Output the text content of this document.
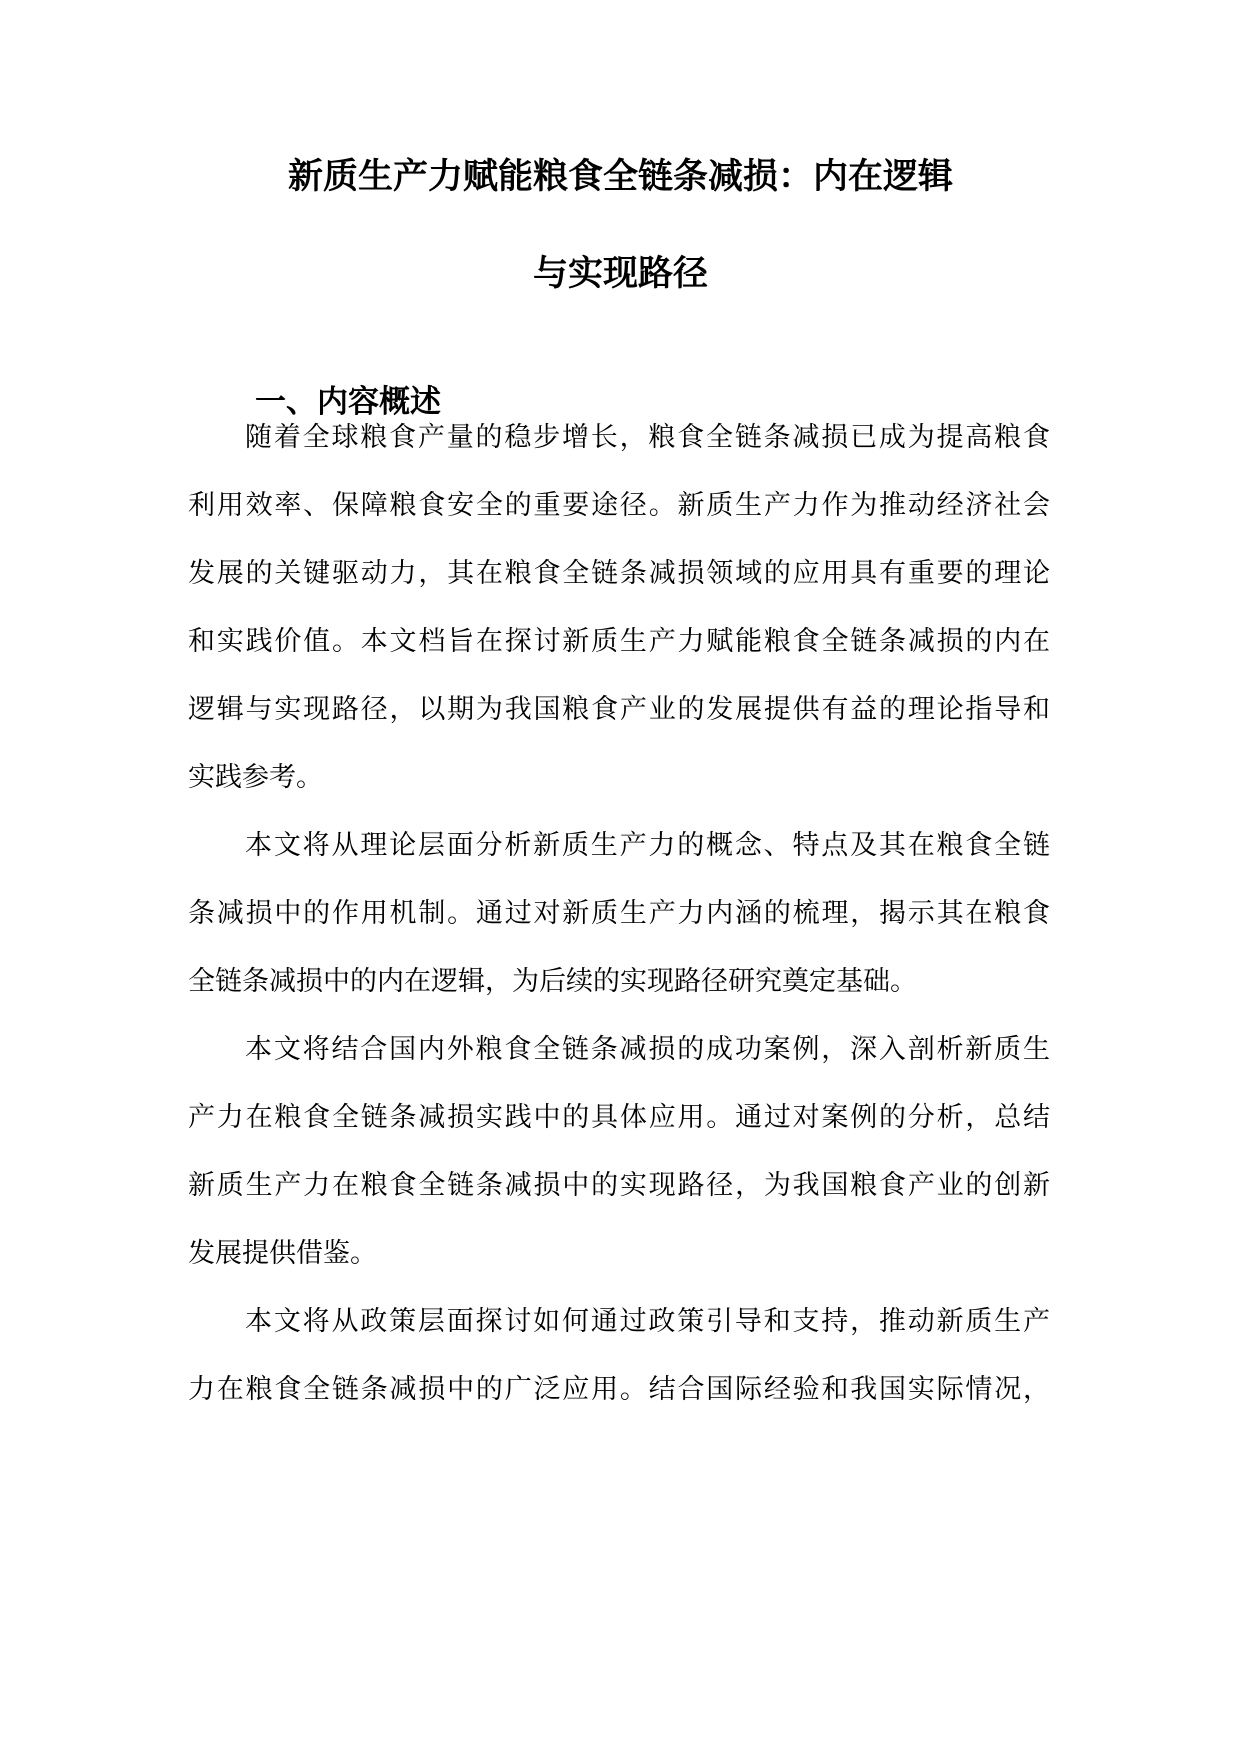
新质生产力赋能粮食全链条减损：内在逻辑
与实现路径
一、内容概述
随着全球粮食产量的稳步增长，粮食全链条减损已成为提高粮食
利用效率、保障粮食安全的重要途径。新质生产力作为推动经济社会
发展的关键驱动力，其在粮食全链条减损领域的应用具有重要的理论
和实践价值。本文档旨在探讨新质生产力赋能粮食全链条减损的内在
逻辑与实现路径，以期为我国粮食产业的发展提供有益的理论指导和
实践参考。
本文将从理论层面分析新质生产力的概念、特点及其在粮食全链
条减损中的作用机制。通过对新质生产力内涵的梳理，揭示其在粮食
全链条减损中的内在逻辑，为后续的实现路径研究奠定基础。
本文将结合国内外粮食全链条减损的成功案例，深入剖析新质生
产力在粮食全链条减损实践中的具体应用。通过对案例的分析，总结
新质生产力在粮食全链条减损中的实现路径，为我国粮食产业的创新
发展提供借鉴。
本文将从政策层面探讨如何通过政策引导和支持，推动新质生产
力在粮食全链条减损中的广泛应用。结合国际经验和我国实际情况，
